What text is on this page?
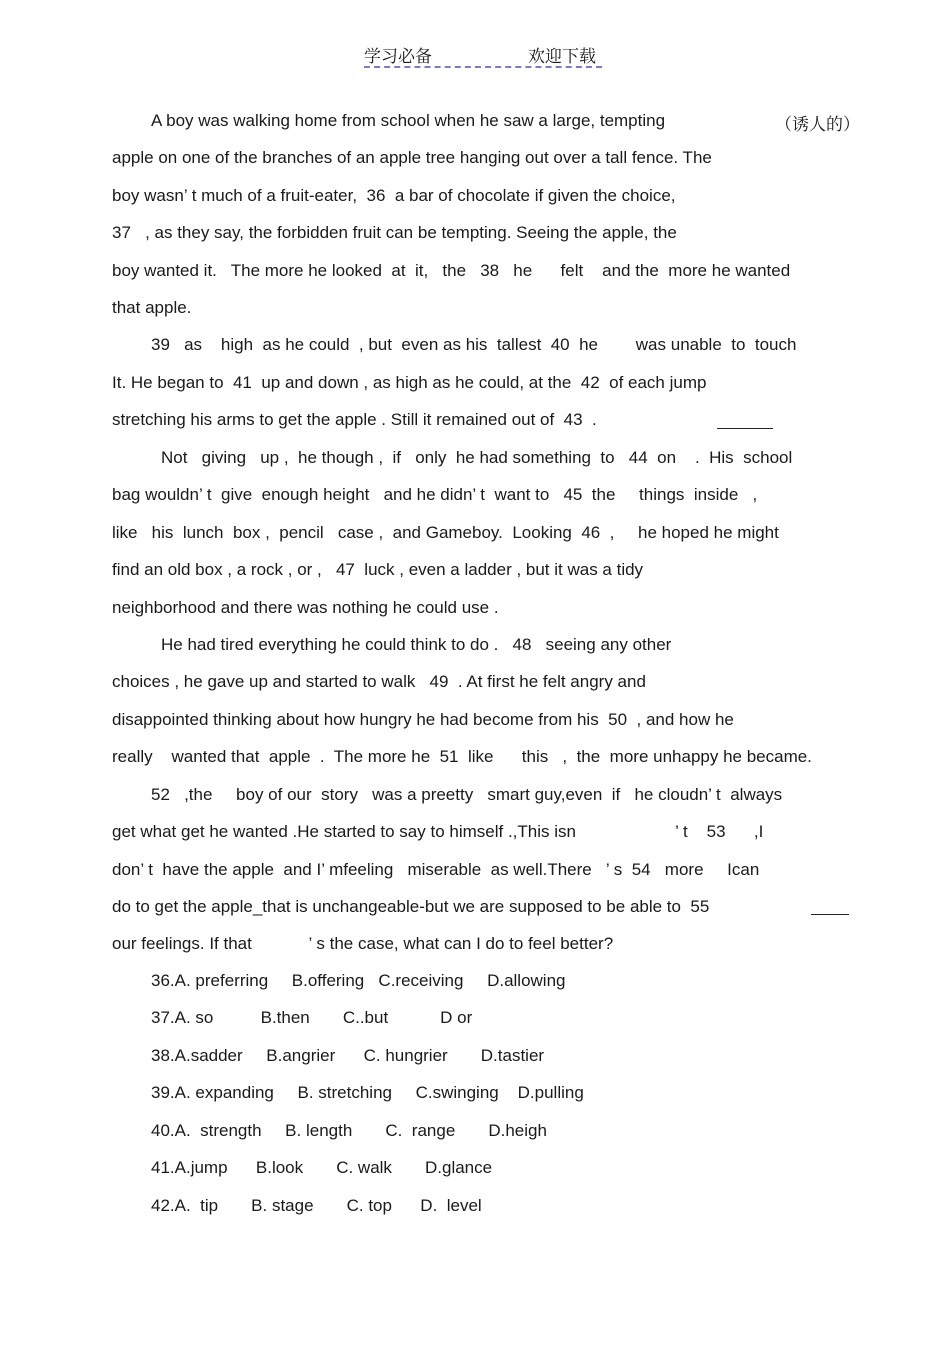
学习必备	欢迎下载
（诱人的）
A boy was walking home from school when he saw a large, tempting
apple on one of the branches of an apple tree hanging out over a tall fence. The
boy wasn’ t much of a fruit-eater,  36  a bar of chocolate if given the choice,
37   , as they say, the forbidden fruit can be tempting. Seeing the apple, the
boy wanted it.   The more he looked  at  it,   the   38   he      felt    and the  more he wanted
that apple.
39   as    high  as he could  , but  even as his  tallest  40  he        was unable  to  touch
It. He began to  41  up and down , as high as he could, at the  42  of each jump
stretching his arms to get the apple . Still it remained out of  43  .
Not   giving   up ,  he though ,  if   only  he had something  to   44  on    .  His  school
bag wouldn’ t  give  enough height   and he didn’ t  want to   45  the     things  inside   ,
like   his  lunch  box ,  pencil   case ,  and Gameboy.  Looking  46  ,     he hoped he might
find an old box , a rock , or ,   47  luck , even a ladder , but it was a tidy
neighborhood and there was nothing he could use .
He had tired everything he could think to do .   48   seeing any other
choices , he gave up and started to walk   49  . At first he felt angry and
disappointed thinking about how hungry he had become from his  50  , and how he
really    wanted that  apple  .  The more he  51  like      this   ,  the  more unhappy he became.
52   ,the     boy of our  story   was a preetty   smart guy,even  if   he cloudn’ t  always
get what get he wanted .He started to say to himself .,This isn                     ’ t    53      ,I
don’ t  have the apple  and I’ mfeeling   miserable  as well.There   ’ s  54   more     Ican
do to get the apple_that is unchangeable-but we are supposed to be able to  55
our feelings. If that            ’ s the case, what can I do to feel better?
36.A. preferring     B.offering   C.receiving     D.allowing
37.A. so          B.then       C..but           D or
38.A.sadder     B.angrier      C. hungrier       D.tastier
39.A. expanding     B. stretching     C.swinging    D.pulling
40.A.  strength     B. length       C.  range       D.heigh
41.A.jump      B.look       C. walk       D.glance
42.A.  tip       B. stage       C. top      D.  level
